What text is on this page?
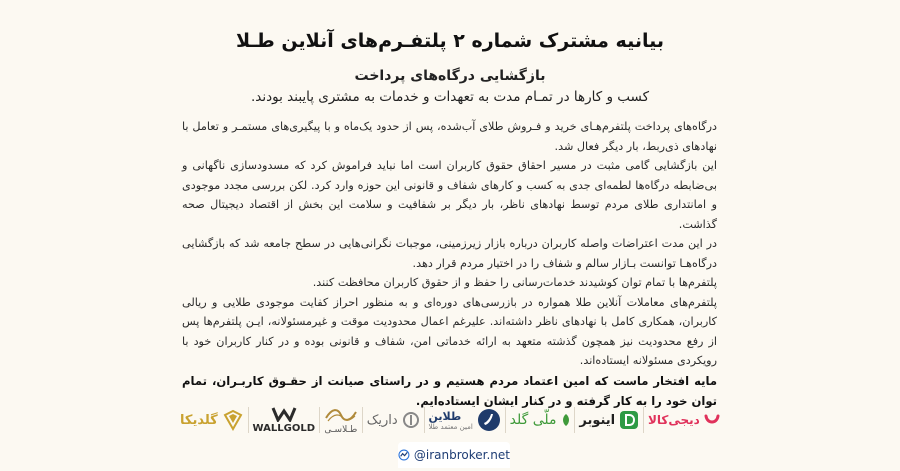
بیانیه مشترک شماره ۲ پلتفـرم‌های آنلاین طـلا
بازگشایی درگاه‌های پرداخت
کسب و کارها در تمـام مدت به تعهدات و خدمات به مشتری پایبند بودند.

درگاه‌های پرداخت پلتفرم‌هـای خرید و فـروش طلای آب‌شده، پس از حدود یک‌ماه و با پیگیری‌های مستمـر و تعامل با نهادهای ذی‌ربط، بار دیگر فعال شد.

این بازگشایی گامی مثبت در مسیر احقاق حقوق کاربران است اما نباید فراموش کرد که مسدودسازی ناگهانی و بی‌ضابطه درگاه‌ها لطمه‌ای جدی به کسب و کارهای شفاف و قانونی این حوزه وارد کرد. لکن بررسی مجدد موجودی و امانتداری طلای مردم توسط نهادهای ناظر، بار دیگر بر شفافیت و سلامت این بخش از اقتصاد دیجیتال صحه گذاشت.

در این مدت اعتراضات واصله کاربران درباره بازار زیرزمینی، موجبات نگرانی‌هایی در سطح جامعه شد که بازگشایی درگاه‌هـا توانست بـازار سالم و شفاف را در اختیار مردم قرار دهد.

پلتفرم‌ها با تمام توان کوشیدند خدمات‌رسانی را حفظ و از حقوق کاربران محافظت کنند.

پلتفرم‌های معاملات آنلاین طلا همواره در بازرسی‌های دوره‌ای و به منظور احراز کفایت موجودی طلایی و ریالی کاربران، همکاری کامل با نهادهای ناظر داشته‌اند. علیرغم اعمال محدودیت موقت و غیرمسئولانه، ایـن پلتفرم‌ها پس از رفع محدودیت نیز همچون گذشته متعهد به ارائه خدماتی امن، شفاف و قانونی بوده و در کنار کاربران خود با رویکردی مسئولانه ایستاده‌اند.

مایه افتخار ماست که امین اعتماد مردم هستیم و در راستای صیانت از حقـوق کاربـران، تمام توان خود را به کار گرفته و در کنار ایشان ایستاده‌ایم.

گلدیکا
WALLGOLD طـلاسـی
داریک	طلاین
امین معتمد طلا	ملّی گلد اینوبر	دیجی‌کالا
@iranbroker.net
